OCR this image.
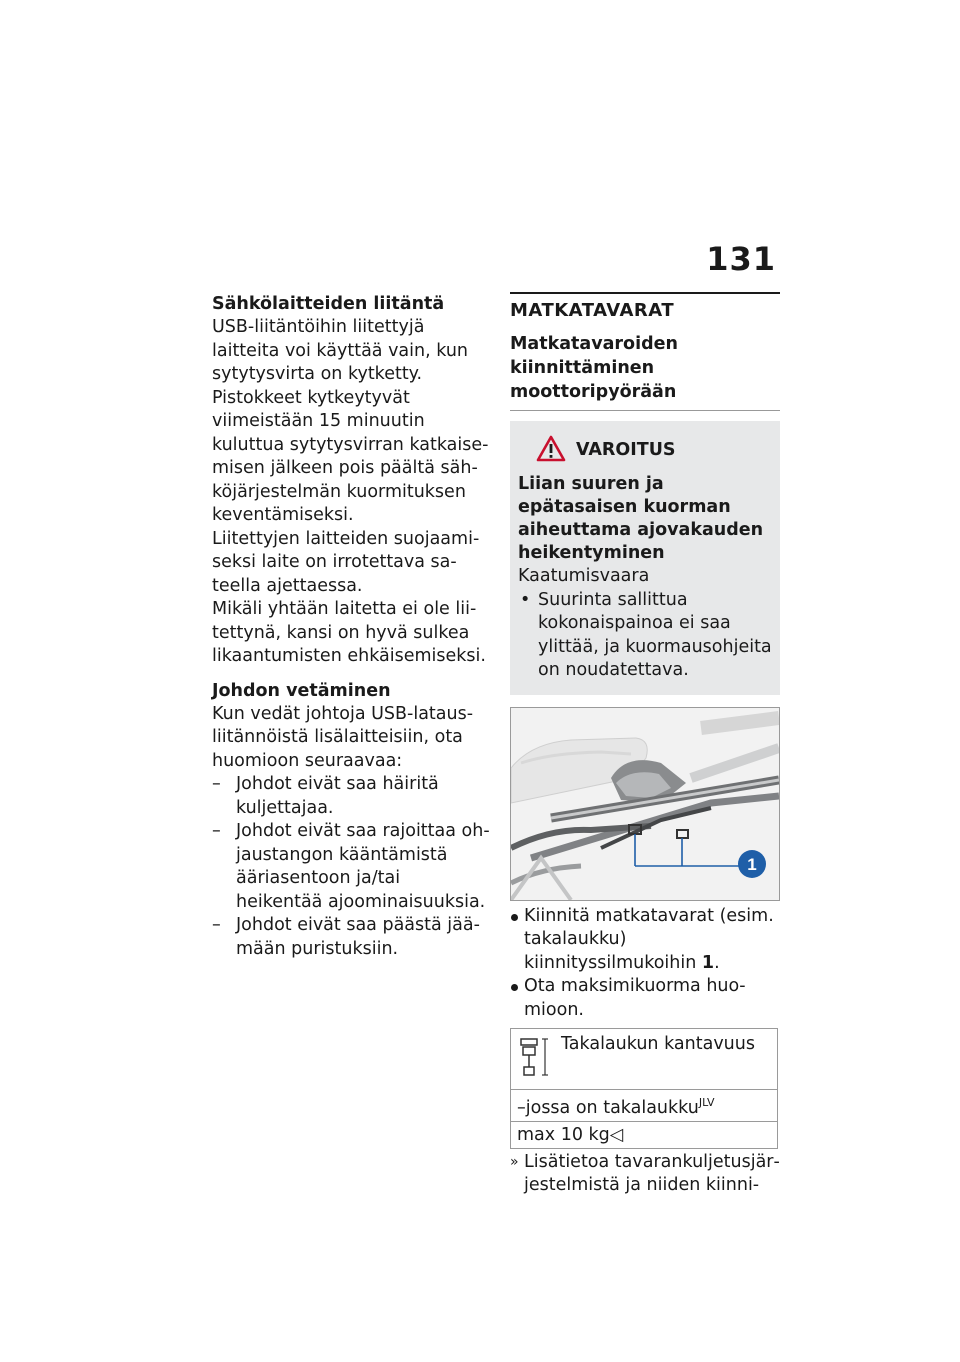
131

Sähkölaitteiden liitäntä

USB-liitäntöihin liitettyjä laitteita voi käyttää vain, kun sytytysvirta on kytketty. Pistokkeet kytkeytyvät viimeistään 15 minuutin kuluttua sytytysvirran katkaisemisen jälkeen pois päältä sähköjärjestelmän kuormituksen keventämiseksi.

Liitettyjen laitteiden suojaamiseksi laite on irrotettava sateella ajettaessa.

Mikäli yhtään laitetta ei ole liitettynä, kansi on hyvä sulkea likaantumisten ehkäisemiseksi.

Johdon vetäminen

Kun vedät johtoja USB-latausliitännöistä lisälaitteisiin, ota huomioon seuraavaa:

– Johdot eivät saa häiritä kuljettajaa.
– Johdot eivät saa rajoittaa ohjaustangon kääntämistä ääriasentoon ja/tai heikentää ajoominaisuuksia.
– Johdot eivät saa päästä jäämään puristuksiin.
MATKATAVARAT
Matkatavaroiden kiinnittäminen moottoripyörään
VAROITUS
Liian suuren ja epätasaisen kuorman aiheuttama ajovakauden heikentyminen
Kaatumisvaara
• Suurinta sallittua kokonaispainoa ei saa ylittää, ja kuormausohjeita on noudatettava.
1
Kiinnitä matkatavarat (esim. takalaukku) kiinnityssilmukoihin 1.
Ota maksimikuorma huomioon.
Takalaukun kantavuus
–jossa on takalaukku$^{JLV}$
max 10 kg◁
» Lisätietoa tavarankuljetusjärjestelmistä ja niiden kiinni-
